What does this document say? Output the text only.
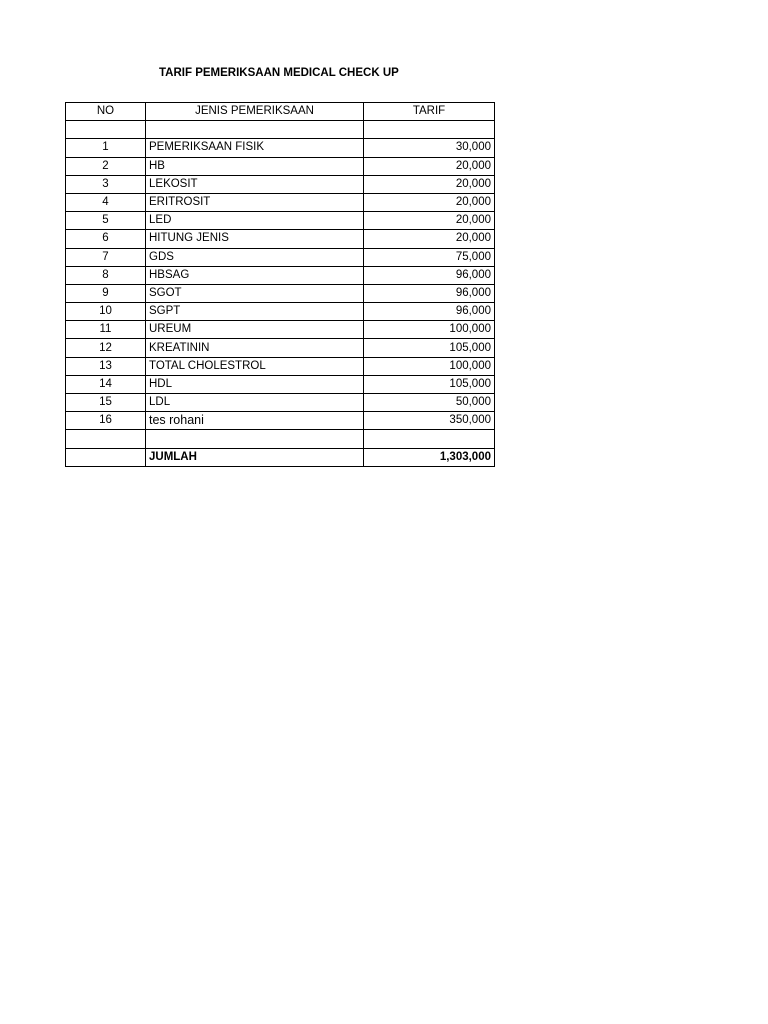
TARIF PEMERIKSAAN MEDICAL CHECK UP
NO	JENIS PEMERIKSAAN	TARIF

1	PEMERIKSAAN FISIK	30,000
2	HB	20,000
3	LEKOSIT	20,000
4	ERITROSIT	20,000
5	LED	20,000
6	HITUNG JENIS	20,000
7	GDS	75,000
8	HBSAG	96,000
9	SGOT	96,000
10	SGPT	96,000
11	UREUM	100,000
12	KREATININ	105,000
13	TOTAL CHOLESTROL	100,000
14	HDL	105,000
15	LDL	50,000
16	tes rohani	350,000

	JUMLAH	1,303,000
